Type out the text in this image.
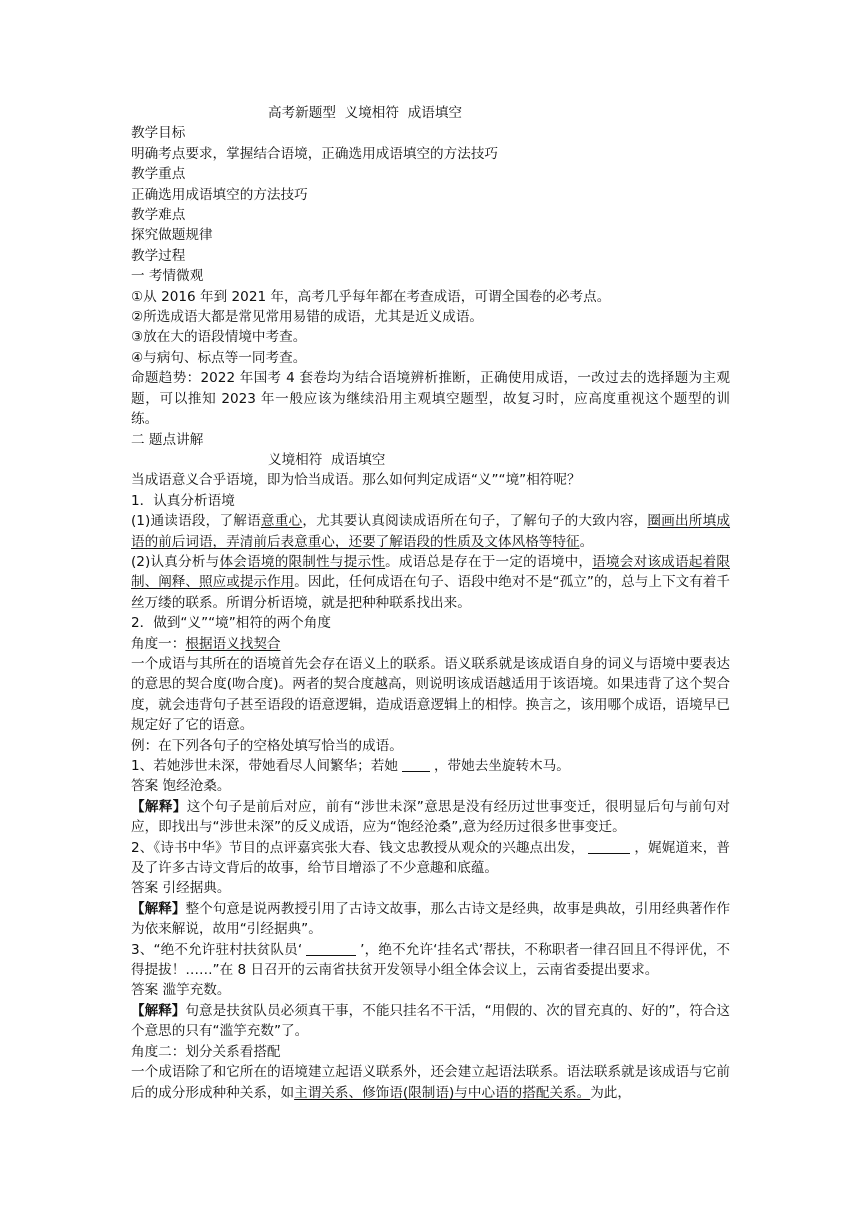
高考新题型  义境相符  成语填空

教学目标

明确考点要求，掌握结合语境，正确选用成语填空的方法技巧

教学重点

正确选用成语填空的方法技巧

教学难点

探究做题规律

教学过程

一 考情微观

①从 2016 年到 2021 年，高考几乎每年都在考查成语，可谓全国卷的必考点。

②所选成语大都是常见常用易错的成语，尤其是近义成语。

③放在大的语段情境中考查。

④与病句、标点等一同考查。

命题趋势：2022 年国考 4 套卷均为结合语境辨析推断，正确使用成语，一改过去的选择题为主观题，可以推知 2023 年一般应该为继续沿用主观填空题型，故复习时，应高度重视这个题型的训练。

二 题点讲解

义境相符  成语填空

当成语意义合乎语境，即为恰当成语。那么如何判定成语“义”“境”相符呢？

1．认真分析语境

(1)通读语段，了解语意重心，尤其要认真阅读成语所在句子，了解句子的大致内容，圈画出所填成语的前后词语，弄清前后表意重心，还要了解语段的性质及文体风格等特征。

(2)认真分析与体会语境的限制性与提示性。成语总是存在于一定的语境中，语境会对该成语起着限制、阐释、照应或提示作用。因此，任何成语在句子、语段中绝对不是“孤立”的，总与上下文有着千丝万缕的联系。所谓分析语境，就是把种种联系找出来。

2．做到“义”“境”相符的两个角度

角度一：根据语义找契合

一个成语与其所在的语境首先会存在语义上的联系。语义联系就是该成语自身的词义与语境中要表达的意思的契合度(吻合度)。两者的契合度越高，则说明该成语越适用于该语境。如果违背了这个契合度，就会违背句子甚至语段的语意逻辑，造成语意逻辑上的相悖。换言之，该用哪个成语，语境早已规定好了它的语意。

例：在下列各句子的空格处填写恰当的成语。

1、若她涉世未深，带她看尽人间繁华；若她	，带她去坐旋转木马。

答案 饱经沧桑。

【解释】这个句子是前后对应，前有“涉世未深”意思是没有经历过世事变迁，很明显后句与前句对应，即找出与“涉世未深”的反义成语，应为“饱经沧桑”,意为经历过很多世事变迁。

2、《诗书中华》节目的点评嘉宾张大春、钱文忠教授从观众的兴趣点出发，	，娓娓道来，普及了许多古诗文背后的故事，给节目增添了不少意趣和底蕴。

答案 引经据典。

【解释】整个句意是说两教授引用了古诗文故事，那么古诗文是经典，故事是典故，引用经典著作作为依来解说，故用“引经据典”。

3、“绝不允许驻村扶贫队员‘	’，绝不允许‘挂名式’帮扶，不称职者一律召回且不得评优，不得提拔！……”在 8 日召开的云南省扶贫开发领导小组全体会议上，云南省委提出要求。

答案 滥竽充数。

【解释】句意是扶贫队员必须真干事，不能只挂名不干活，“用假的、次的冒充真的、好的”，符合这个意思的只有“滥竽充数”了。

角度二：划分关系看搭配

一个成语除了和它所在的语境建立起语义联系外，还会建立起语法联系。语法联系就是该成语与它前后的成分形成种种关系，如主谓关系、修饰语(限制语)与中心语的搭配关系。为此，
